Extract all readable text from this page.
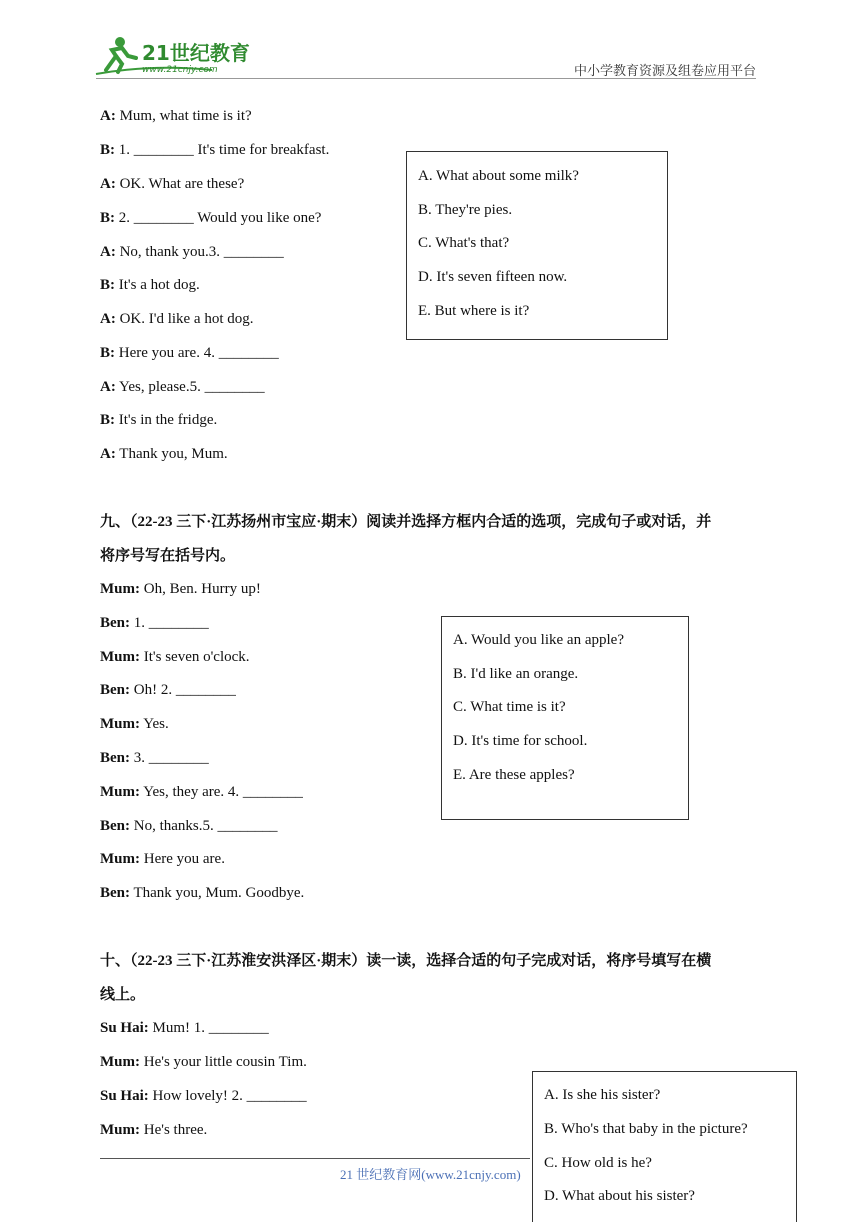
21世纪教育
www.21cnjy.com	中小学教育资源及组卷应用平台
A: Mum, what time is it?
B: 1. ________ It's time for breakfast.
A: OK. What are these?
B: 2. ________ Would you like one?
A: No, thank you.3. ________
B: It's a hot dog.
A: OK. I'd like a hot dog.
B: Here you are. 4. ________
A: Yes, please.5. ________
B: It's in the fridge.
A: Thank you, Mum.
A. What about some milk?
B. They're pies.
C. What's that?
D. It's seven fifteen now.
E. But where is it?
九、（22-23 三下·江苏扬州市宝应·期末）阅读并选择方框内合适的选项，完成句子或对话，并
将序号写在括号内。
Mum: Oh, Ben. Hurry up!
Ben: 1. ________
Mum: It's seven o'clock.
Ben: Oh! 2. ________
Mum: Yes.
Ben: 3. ________
Mum: Yes, they are. 4. ________
Ben: No, thanks.5. ________
Mum: Here you are.
Ben: Thank you, Mum. Goodbye.
A. Would you like an apple?
B. I'd like an orange.
C. What time is it?
D. It's time for school.
E. Are these apples?
十、（22-23 三下·江苏淮安洪泽区·期末）读一读，选择合适的句子完成对话，将序号填写在横
线上。
Su Hai: Mum! 1. ________
Mum: He's your little cousin Tim.
Su Hai: How lovely! 2. ________
Mum: He's three.
21 世纪教育网(www.21cnjy.com)
A. Is she his sister?
B. Who's that baby in the picture?
C. How old is he?
D. What about his sister?
